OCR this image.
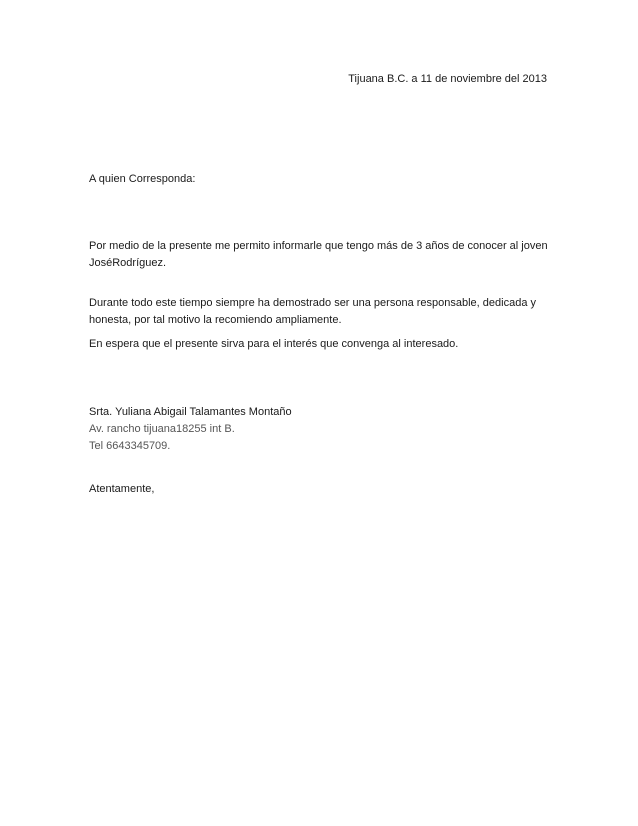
Tijuana B.C. a 11 de noviembre del 2013
A quien Corresponda:

Por medio de la presente me permito informarle que tengo más de 3 años de conocer al joven JoséRodríguez.

Durante todo este tiempo siempre ha demostrado ser una persona responsable, dedicada y honesta, por tal motivo la recomiendo ampliamente.

En espera que el presente sirva para el interés que convenga al interesado.

Srta. Yuliana Abigail Talamantes Montaño
Av. rancho tijuana18255 int B.
Tel 6643345709.
Atentamente,
